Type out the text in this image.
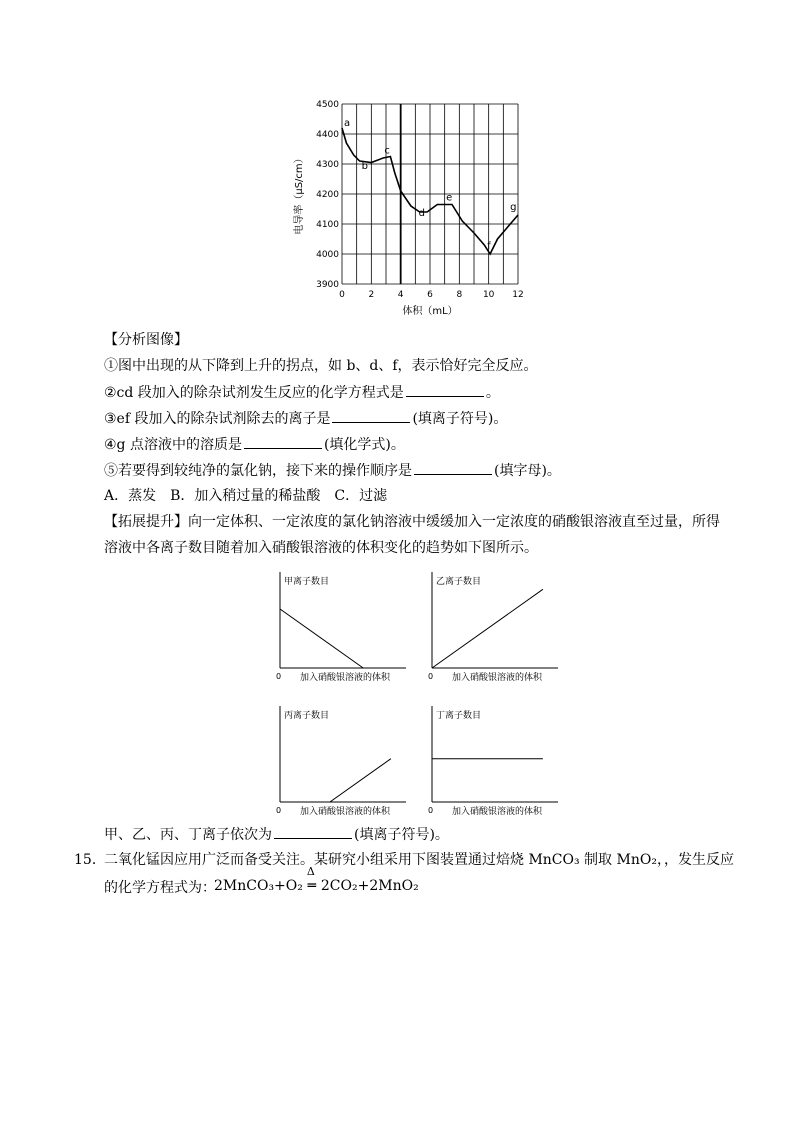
0	2	4	6	8 10 12
3900
4000
4100
4200
4300
4400
4500
a
b
c
d
e
f
g
体积（mL）
电导率（μS/cm）
【分析图像】
①图中出现的从下降到上升的拐点，如 b、d、f，表示恰好完全反应。
②cd 段加入的除杂试剂发生反应的化学方程式是	。
③ef 段加入的除杂试剂除去的离子是	(填离子符号)。
④g 点溶液中的溶质是	(填化学式)。
⑤若要得到较纯净的氯化钠，接下来的操作顺序是	(填字母)。
A．蒸发　B．加入稍过量的稀盐酸　C．过滤
【拓展提升】向一定体积、一定浓度的氯化钠溶液中缓缓加入一定浓度的硝酸银溶液直至过量，所得
溶液中各离子数目随着加入硝酸银溶液的体积变化的趋势如下图所示。
甲离子数目
0 加入硝酸银溶液的体积
乙离子数目
0 加入硝酸银溶液的体积
丙离子数目
0 加入硝酸银溶液的体积
丁离子数目
0 加入硝酸银溶液的体积
甲、乙、丙、丁离子依次为	(填离子符号)。
15．
二氧化锰因应用广泛而备受关注。某研究小组采用下图装置通过焙烧 MnCO₃ 制取 MnO₂，，发生反应
的化学方程式为：
2MnCO₃+O₂
Δ
═ 2CO₂+2MnO₂
